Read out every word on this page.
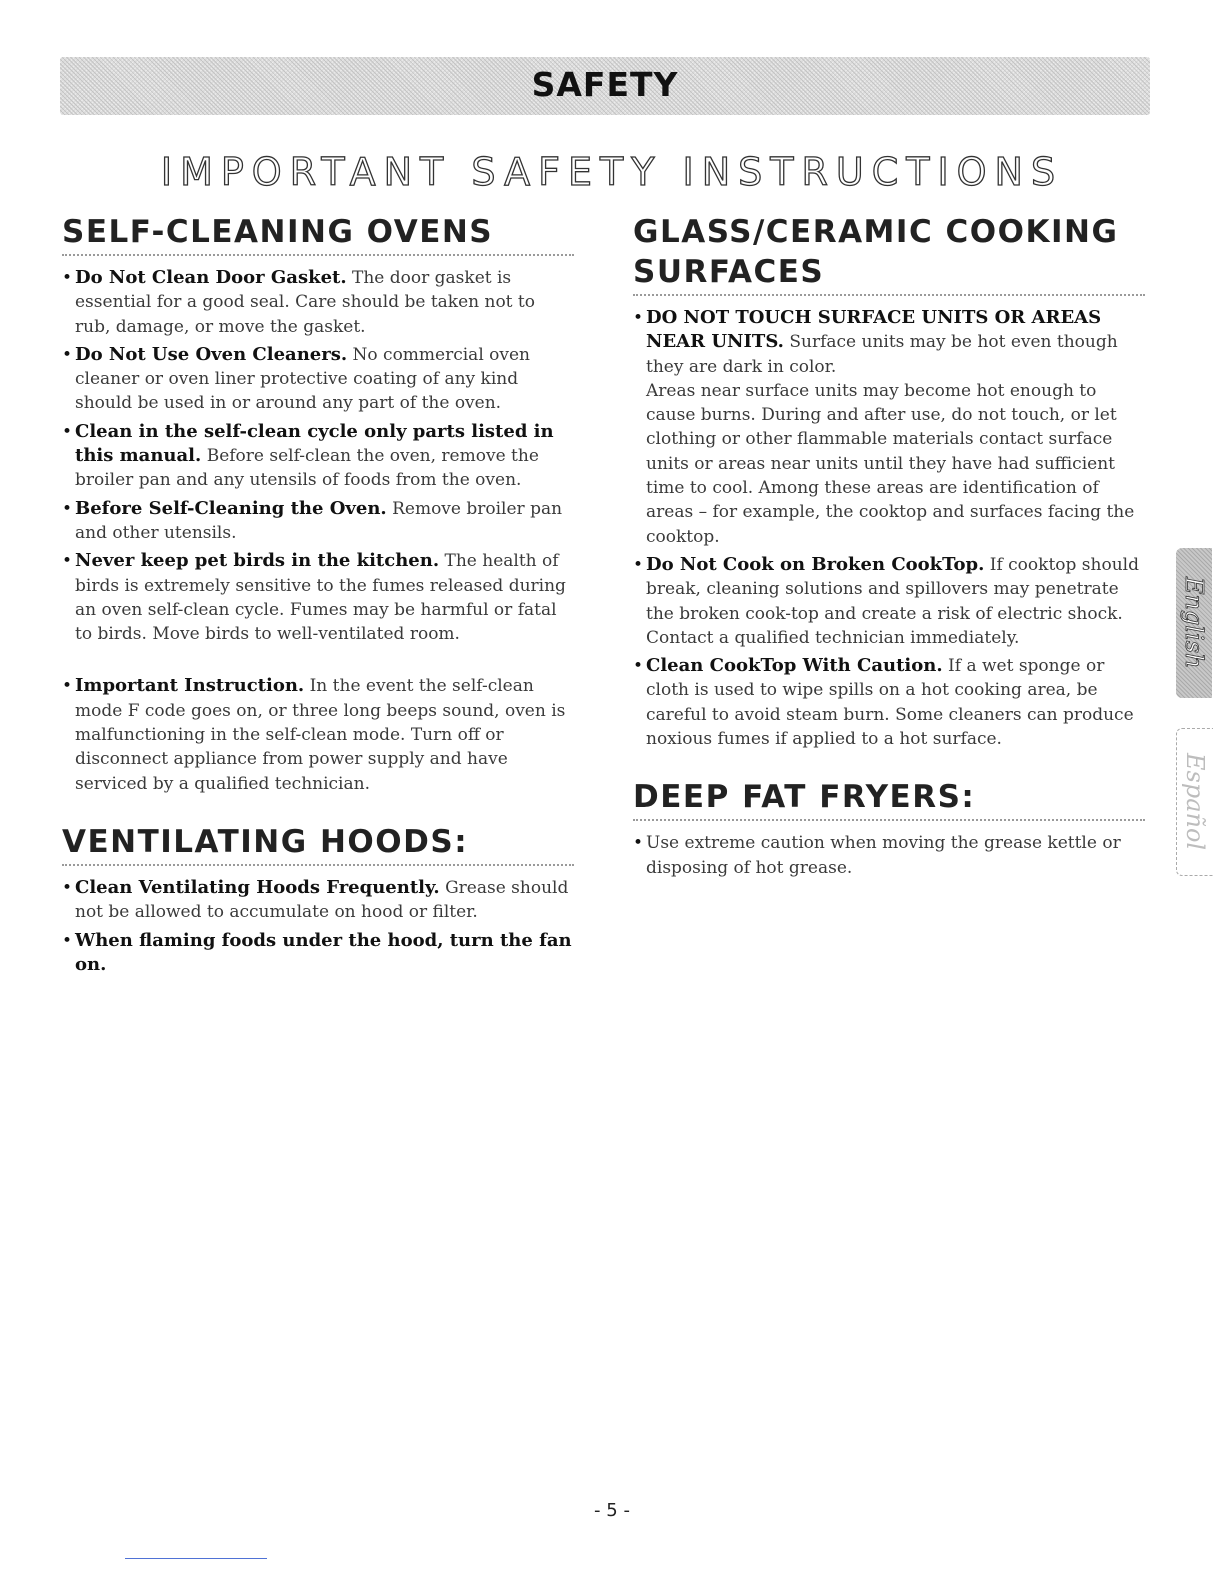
SAFETY
IMPORTANT SAFETY INSTRUCTIONS
SELF-CLEANING OVENS
• Do Not Clean Door Gasket. The door gasket is essential for a good seal. Care should be taken not to rub, damage, or move the gasket.
• Do Not Use Oven Cleaners. No commercial oven cleaner or oven liner protective coating of any kind should be used in or around any part of the oven.
• Clean in the self-clean cycle only parts listed in this manual. Before self-clean the oven, remove the broiler pan and any utensils of foods from the oven.
• Before Self-Cleaning the Oven. Remove broiler pan and other utensils.
• Never keep pet birds in the kitchen. The health of birds is extremely sensitive to the fumes released during an oven self-clean cycle. Fumes may be harmful or fatal to birds. Move birds to well-ventilated room.
• Important Instruction. In the event the self-clean mode F code goes on, or three long beeps sound, oven is malfunctioning in the self-clean mode. Turn off or disconnect appliance from power supply and have serviced by a qualified technician.
VENTILATING HOODS:
• Clean Ventilating Hoods Frequently. Grease should not be allowed to accumulate on hood or filter.
• When flaming foods under the hood, turn the fan on.
GLASS/CERAMIC COOKING SURFACES
• DO NOT TOUCH SURFACE UNITS OR AREAS NEAR UNITS. Surface units may be hot even though they are dark in color.
Areas near surface units may become hot enough to cause burns. During and after use, do not touch, or let clothing or other flammable materials contact surface units or areas near units until they have had sufficient time to cool. Among these areas are identification of areas – for example, the cooktop and surfaces facing the cooktop.
• Do Not Cook on Broken CookTop. If cooktop should break, cleaning solutions and spillovers may penetrate the broken cook-top and create a risk of electric shock. Contact a qualified technician immediately.
• Clean CookTop With Caution. If a wet sponge or cloth is used to wipe spills on a hot cooking area, be careful to avoid steam burn. Some cleaners can produce noxious fumes if applied to a hot surface.
DEEP FAT FRYERS:
• Use extreme caution when moving the grease kettle or disposing of hot grease.
English
Español
- 5 -
